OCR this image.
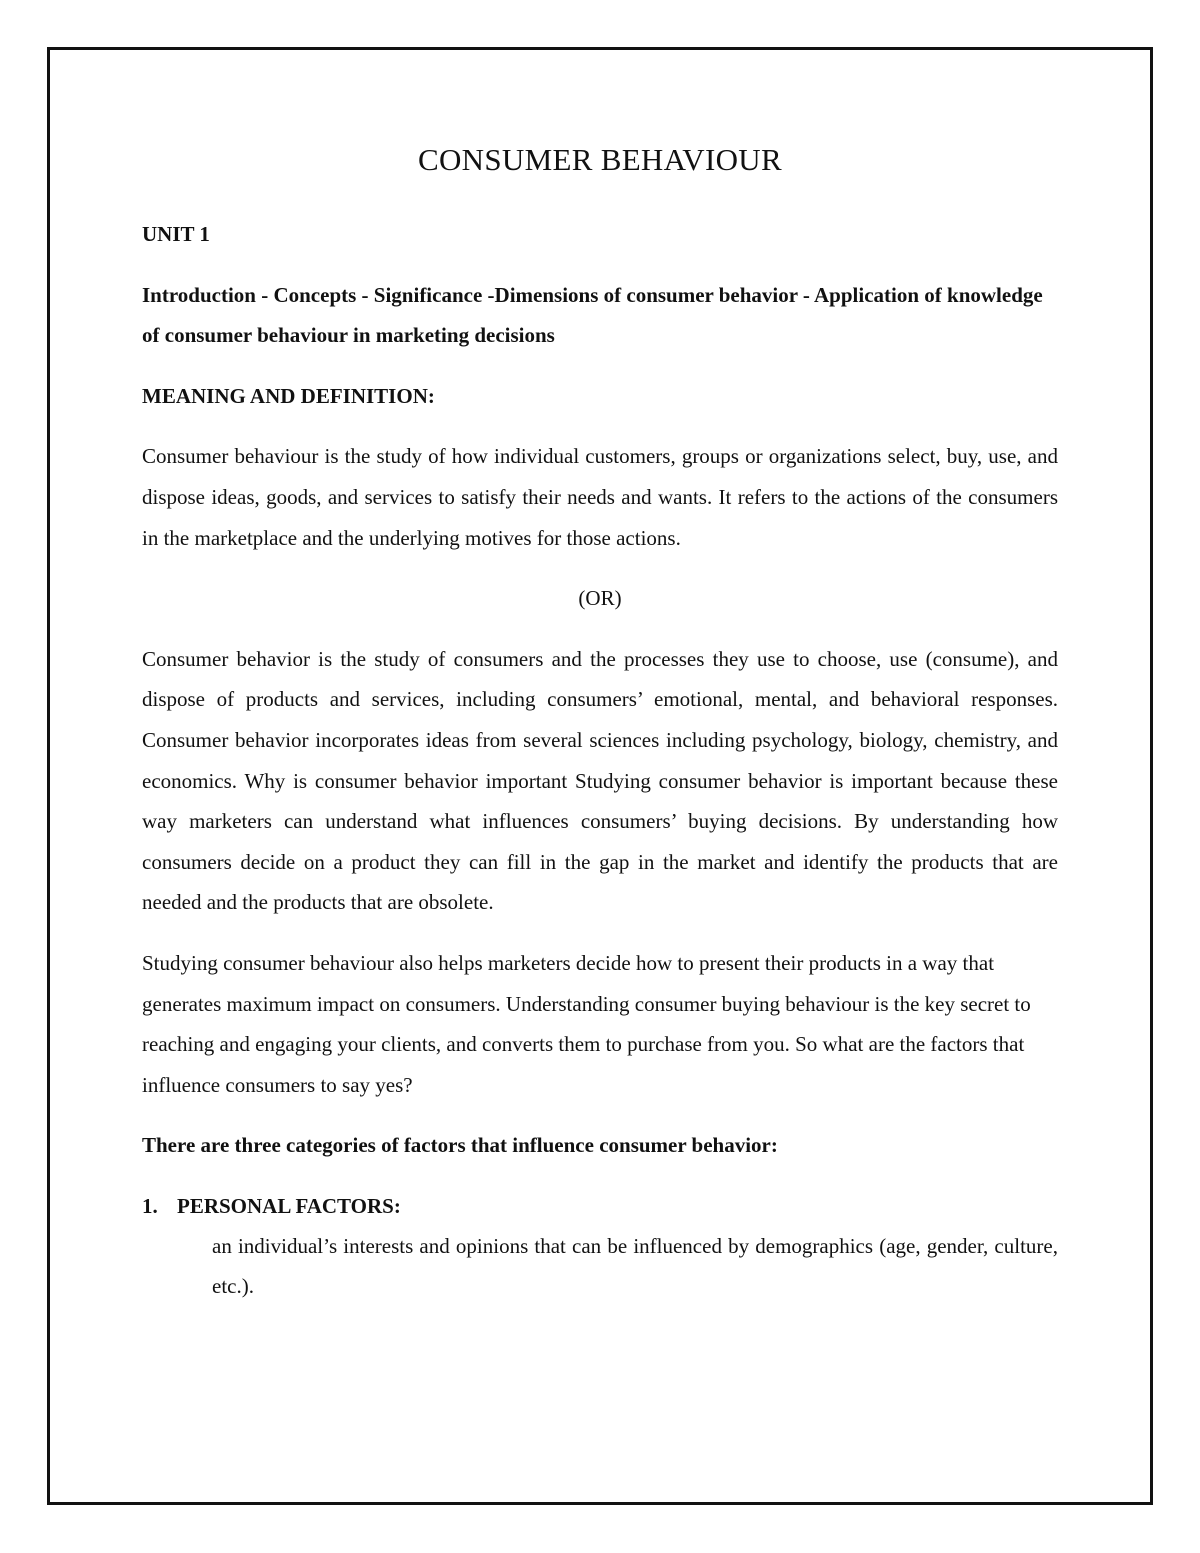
CONSUMER BEHAVIOUR

UNIT 1

Introduction - Concepts - Significance -Dimensions of consumer behavior - Application of knowledge of consumer behaviour in marketing decisions

MEANING AND DEFINITION:

Consumer behaviour is the study of how individual customers, groups or organizations select, buy, use, and dispose ideas, goods, and services to satisfy their needs and wants. It refers to the actions of the consumers in the marketplace and the underlying motives for those actions.

(OR)

Consumer behavior is the study of consumers and the processes they use to choose, use (consume), and dispose of products and services, including consumers’ emotional, mental, and behavioral responses. Consumer behavior incorporates ideas from several sciences including psychology, biology, chemistry, and economics. Why is consumer behavior important Studying consumer behavior is important because these way marketers can understand what influences consumers’ buying decisions. By understanding how consumers decide on a product they can fill in the gap in the market and identify the products that are needed and the products that are obsolete.

Studying consumer behaviour also helps marketers decide how to present their products in a way that generates maximum impact on consumers. Understanding consumer buying behaviour is the key secret to reaching and engaging your clients, and converts them to purchase from you. So what are the factors that influence consumers to say yes?

There are three categories of factors that influence consumer behavior:

1. PERSONAL FACTORS:

an individual’s interests and opinions that can be influenced by demographics (age, gender, culture, etc.).
